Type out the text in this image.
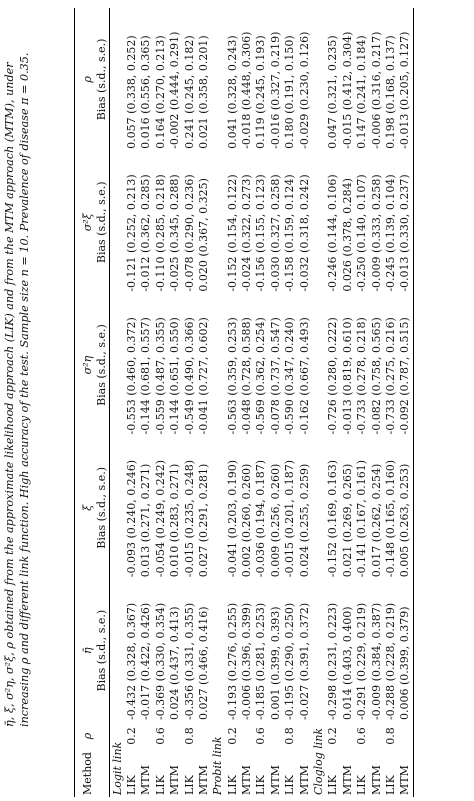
η̄, ξ, σ²η, σ²ξ, ρ obtained from the approximate likelihood approach (LIK) and from the MTM approach (MTM), under increasing ρ and different link function. High accuracy of the test. Sample size n = 10. Prevalence of disease π = 0.35.
Method	ρ	η̄	ξ	σ²η	σ²ξ	ρ
		Bias (s.d., s.e.)	Bias (s.d., s.e.)	Bias (s.d., s.e.)	Bias (s.d., s.e.)	Bias (s.d., s.e.)
Logit link						
LIK	0.2	-0.432 (0.328, 0.367)	-0.093 (0.240, 0.246)	-0.553 (0.460, 0.372)	-0.121 (0.252, 0.213)	0.057 (0.338, 0.252)
MTM		-0.017 (0.422, 0.426)	0.013 (0.271, 0.271)	-0.144 (0.681, 0.557)	-0.012 (0.362, 0.285)	0.016 (0.556, 0.365)
LIK	0.6	-0.369 (0.330, 0.354)	-0.054 (0.249, 0.242)	-0.559 (0.487, 0.355)	-0.110 (0.285, 0.218)	0.164 (0.270, 0.213)
MTM		0.024 (0.437, 0.413)	0.010 (0.283, 0.271)	-0.144 (0.651, 0.550)	-0.025 (0.345, 0.288)	-0.002 (0.444, 0.291)
LIK	0.8	-0.356 (0.331, 0.355)	-0.015 (0.235, 0.248)	-0.549 (0.490, 0.366)	-0.078 (0.290, 0.236)	0.241 (0.245, 0.182)
MTM		0.027 (0.466, 0.416)	0.027 (0.291, 0.281)	-0.041 (0.727, 0.602)	0.020 (0.367, 0.325)	0.021 (0.358, 0.201)
Probit link						
LIK	0.2	-0.193 (0.276, 0.255)	-0.041 (0.203, 0.190)	-0.563 (0.359, 0.253)	-0.152 (0.154, 0.122)	0.041 (0.328, 0.243)
MTM		-0.006 (0.396, 0.399)	0.002 (0.260, 0.260)	-0.048 (0.728, 0.588)	-0.024 (0.322, 0.273)	-0.018 (0.448, 0.306)
LIK	0.6	-0.185 (0.281, 0.253)	-0.036 (0.194, 0.187)	-0.569 (0.362, 0.254)	-0.156 (0.155, 0.123)	0.119 (0.245, 0.193)
MTM		0.001 (0.399, 0.393)	0.009 (0.256, 0.260)	-0.078 (0.737, 0.547)	-0.030 (0.327, 0.258)	-0.016 (0.327, 0.219)
LIK	0.8	-0.195 (0.290, 0.250)	-0.015 (0.201, 0.187)	-0.590 (0.347, 0.240)	-0.158 (0.159, 0.124)	0.180 (0.191, 0.150)
MTM		-0.027 (0.391, 0.372)	0.024 (0.255, 0.259)	-0.162 (0.667, 0.493)	-0.032 (0.318, 0.242)	-0.029 (0.230, 0.126)
Cloglog link						
LIK	0.2	-0.298 (0.231, 0.223)	-0.152 (0.169, 0.163)	-0.726 (0.280, 0.222)	-0.246 (0.144, 0.106)	0.047 (0.321, 0.235)
MTM		0.014 (0.403, 0.400)	0.021 (0.269, 0.265)	-0.013 (0.819, 0.610)	0.026 (0.378, 0.284)	-0.015 (0.412, 0.304)
LIK	0.6	-0.291 (0.229, 0.219)	-0.141 (0.167, 0.161)	-0.733 (0.278, 0.218)	-0.250 (0.140, 0.107)	0.147 (0.241, 0.184)
MTM		-0.009 (0.384, 0.387)	0.017 (0.262, 0.254)	-0.082 (0.758, 0.565)	-0.009 (0.333, 0.258)	-0.006 (0.316, 0.217)
LIK	0.8	-0.288 (0.228, 0.219)	-0.148 (0.165, 0.160)	-0.733 (0.275, 0.216)	-0.245 (0.139, 0.104)	0.198 (0.168, 0.137)
MTM		0.006 (0.399, 0.379)	0.005 (0.263, 0.253)	-0.092 (0.787, 0.515)	-0.013 (0.330, 0.237)	-0.013 (0.205, 0.127)
